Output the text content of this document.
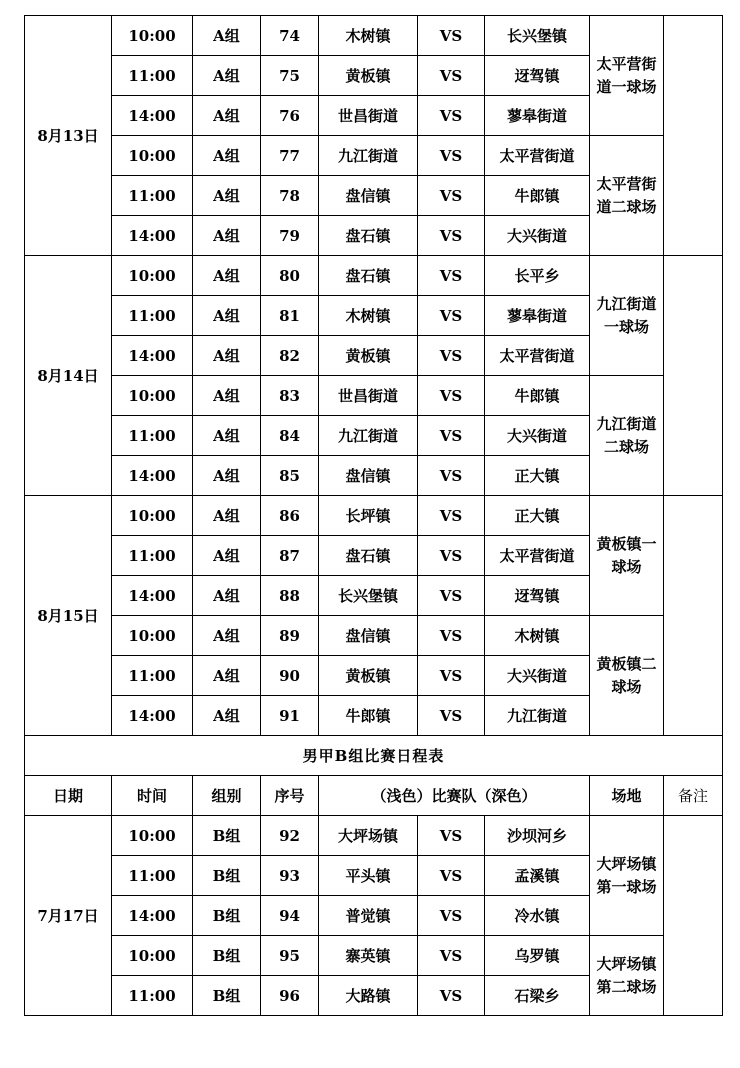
8月13日	10:00	A组	74	木树镇	VS	长兴堡镇	太平营街道一球场	
	11:00	A组	75	黄板镇	VS	迓驾镇		
	14:00	A组	76	世昌街道	VS	蓼皋街道		
	10:00	A组	77	九江街道	VS	太平营街道	太平营街道二球场	
	11:00	A组	78	盘信镇	VS	牛郎镇		
	14:00	A组	79	盘石镇	VS	大兴街道		
8月14日	10:00	A组	80	盘石镇	VS	长平乡	九江街道一球场	
	11:00	A组	81	木树镇	VS	蓼皋街道		
	14:00	A组	82	黄板镇	VS	太平营街道		
	10:00	A组	83	世昌街道	VS	牛郎镇	九江街道二球场	
	11:00	A组	84	九江街道	VS	大兴街道		
	14:00	A组	85	盘信镇	VS	正大镇		
8月15日	10:00	A组	86	长坪镇	VS	正大镇	黄板镇一球场	
	11:00	A组	87	盘石镇	VS	太平营街道		
	14:00	A组	88	长兴堡镇	VS	迓驾镇		
	10:00	A组	89	盘信镇	VS	木树镇	黄板镇二球场	
	11:00	A组	90	黄板镇	VS	大兴街道		
	14:00	A组	91	牛郎镇	VS	九江街道		
男甲B组比赛日程表								
日期	时间	组别	序号	（浅色）比赛队（深色）			场地	备注
7月17日	10:00	B组	92	大坪场镇	VS	沙坝河乡	大坪场镇第一球场	
	11:00	B组	93	平头镇	VS	孟溪镇		
	14:00	B组	94	普觉镇	VS	冷水镇		
	10:00	B组	95	寨英镇	VS	乌罗镇	大坪场镇第二球场	
	11:00	B组	96	大路镇	VS	石梁乡		
